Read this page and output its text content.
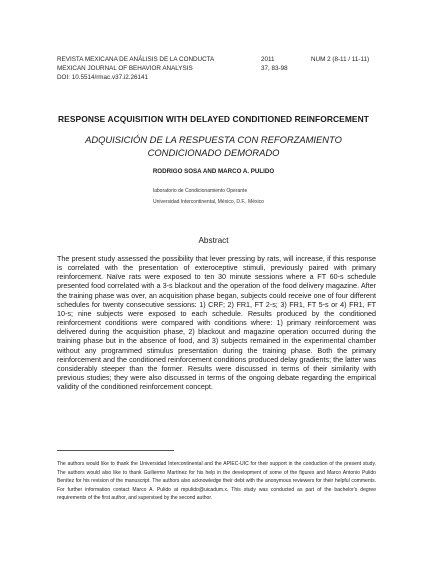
REVISTA MEXICANA DE ANÁLISIS DE LA CONDUCTA
MEXICAN JOURNAL OF BEHAVIOR ANALYSIS
DOI: 10.5514/rmac.v37.i2.26141
2011
37, 83-98
NUM 2 (8-11 / 11-11)
RESPONSE ACQUISITION WITH DELAYED CONDITIONED REINFORCEMENT
ADQUISICIÓN DE LA RESPUESTA CON REFORZAMIENTO
CONDICIONADO DEMORADO
RODRIGO SOSA AND MARCO A. PULIDO
laboratorio de Condicionamiento Operante
Universidad Intercontinental, México, D.F., México
Abstract
The present study assessed the possibility that lever pressing by rats, will increase, if this response is correlated with the presentation of exteroceptive stimuli, previously paired with primary reinforcement. Naïve rats were exposed to ten 30 minute sessions where a FT 60-s schedule presented food correlated with a 3-s blackout and the operation of the food delivery magazine. After the training phase was over, an acquisition phase began, subjects could receive one of four different schedules for twenty consecutive sessions: 1) CRF; 2) FR1, FT 2-s; 3) FR1, FT 5-s or 4) FR1, FT 10-s; nine subjects were exposed to each schedule. Results produced by the conditioned reinforcement conditions were compared with conditions where: 1) primary reinforcement was delivered during the acquisition phase, 2) blackout and magazine operation occurred during the training phase but in the absence of food, and 3) subjects remained in the experimental chamber without any programmed stimulus presentation during the training phase. Both the primary reinforcement and the conditioned reinforcement conditions produced delay gradients; the latter was considerably steeper than the former. Results were discussed in terms of their similarity with previous studies; they were also discussed in terms of the ongoing debate regarding the empirical validity of the conditioned reinforcement concept.
The authors would like to thank the Universidad Intercontinental and the APIEC-UIC for their support in the conduction of the present study. The authors would also like to thank Guillermo Martínez for his help in the development of some of the figures and Marco Antonio Pulido Benítez for his revision of the manuscript. The authors also acknowledge their debt with the anonymous reviewers for their helpful comments. For further information contact Marco A. Pulido at mpulido@uicadum.x. This study was conducted as part of the bachelor's degree requirements of the first author, and supervised by the second author.
